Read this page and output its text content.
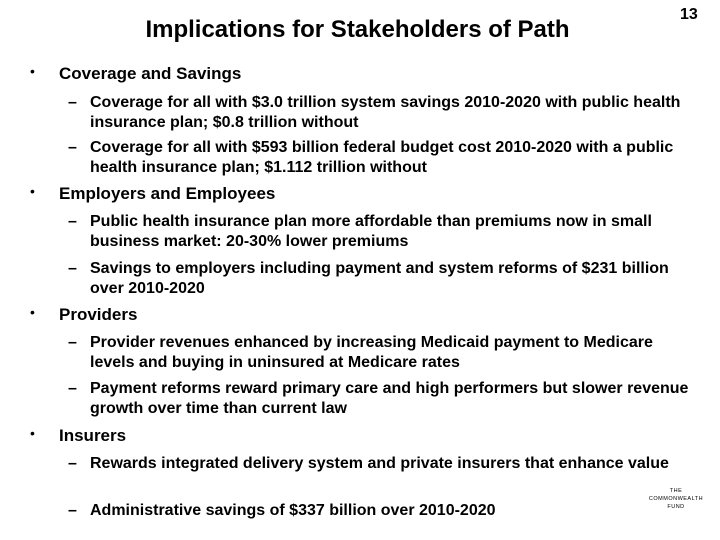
13
Implications for Stakeholders of Path
• Coverage and Savings
– Coverage for all with $3.0 trillion system savings 2010-2020 with public health insurance plan; $0.8 trillion without
– Coverage for all with $593 billion federal budget cost 2010-2020 with a public health insurance plan; $1.112 trillion without
• Employers and Employees
– Public health insurance plan more affordable than premiums now in small business market: 20-30% lower premiums
– Savings to employers including payment and system reforms of $231 billion over 2010-2020
• Providers
– Provider revenues enhanced by increasing Medicaid payment to Medicare levels and buying in uninsured at Medicare rates
– Payment reforms reward primary care and high performers but slower revenue growth over time than current law
• Insurers
– Rewards integrated delivery system and private insurers that enhance value
– Administrative savings of $337 billion over 2010-2020
THE
COMMONWEALTH
FUND
